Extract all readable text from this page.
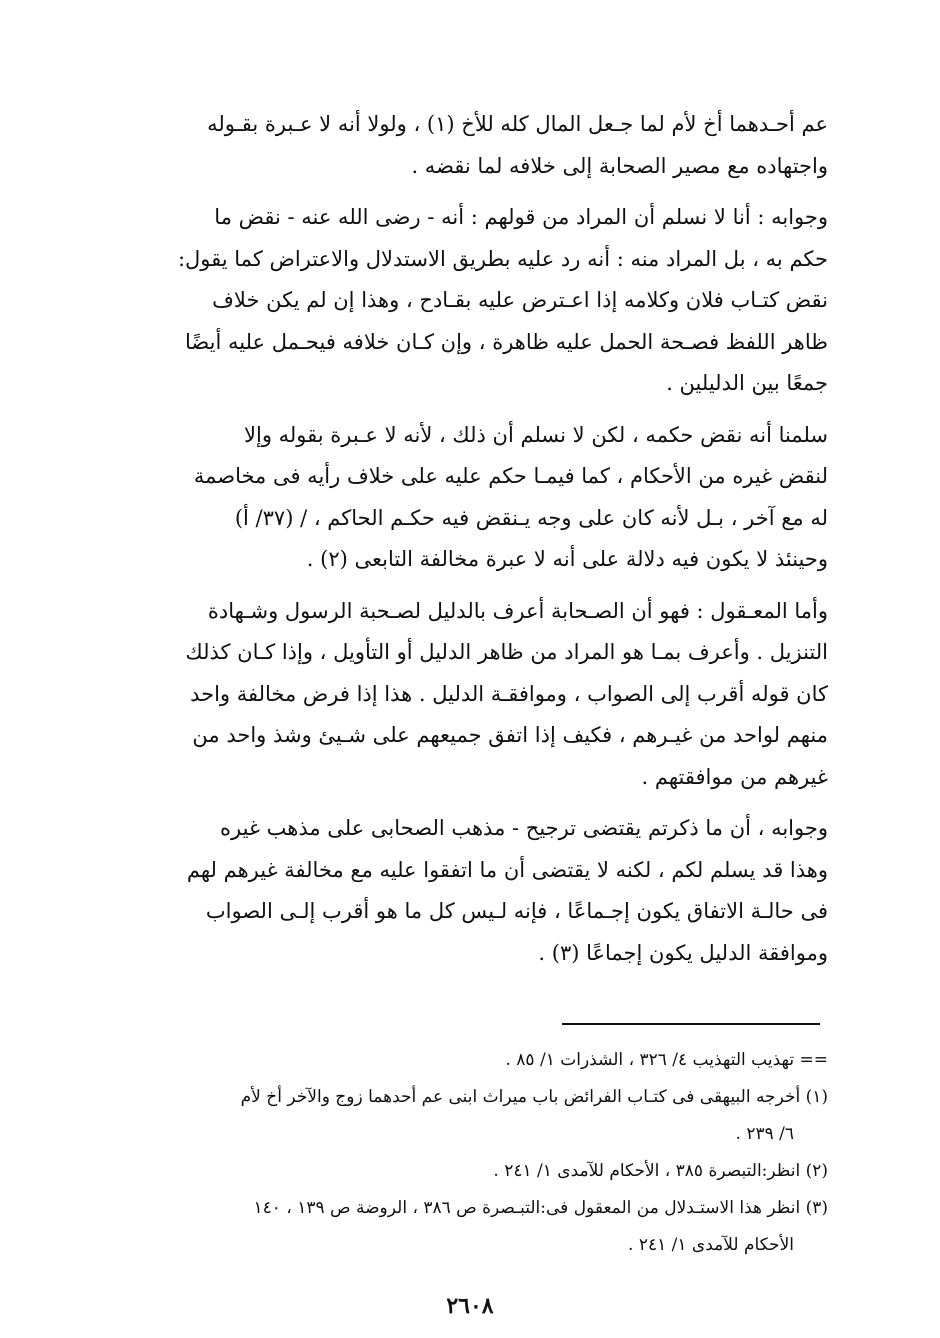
عم أحـدهما أخ لأم لما جـعل المال كله للأخ (١) ، ولولا أنه لا عـبرة بقـوله
واجتهاده مع مصير الصحابة إلى خلافه لما نقضه .
وجوابه : أنا لا نسلم أن المراد من قولهم : أنه - رضى الله عنه - نقض ما
حكم به ، بل المراد منه : أنه رد عليه بطريق الاستدلال والاعتراض كما يقول:
نقض كتـاب فلان وكلامه إذا اعـترض عليه بقـادح ، وهذا إن لم يكن خلاف
ظاهر اللفظ فصـحة الحمل عليه ظاهرة ، وإن كـان خلافه فيحـمل عليه أيضًا
جمعًا بين الدليلين .
سلمنا أنه نقض حكمه ، لكن لا نسلم أن ذلك ، لأنه لا عـبرة بقوله وإلا
لنقض غيره من الأحكام ، كما فيمـا حكم عليه على خلاف رأيه فى مخاصمة
له مع آخر ، بـل لأنه كان على وجه يـنقض فيه حكـم الحاكم ، / (٣٧/ أ)
وحينئذ لا يكون فيه دلالة على أنه لا عبرة مخالفة التابعى (٢) .
وأما المعـقول : فهو أن الصـحابة أعرف بالدليل لصـحبة الرسول وشـهادة
التنزيل . وأعرف بمـا هو المراد من ظاهر الدليل أو التأويل ، وإذا كـان كذلك
كان قوله أقرب إلى الصواب ، وموافقـة الدليل . هذا إذا فرض مخالفة واحد
منهم لواحد من غيـرهم ، فكيف إذا اتفق جميعهم على شـيئ وشذ واحد من
غيرهم من موافقتهم .
وجوابه ، أن ما ذكرتم يقتضى ترجيح - مذهب الصحابى على مذهب غيره
وهذا قد يسلم لكم ، لكنه لا يقتضى أن ما اتفقوا عليه مع مخالفة غيرهم لهم
فى حالـة الاتفاق يكون إجـماعًا ، فإنه لـيس كل ما هو أقرب إلـى الصواب
وموافقة الدليل يكون إجماعًا (٣) .

== تهذيب التهذيب ٤/ ٣٢٦ ، الشذرات ١/ ٨٥ .

(١) أخرجه البيهقى فى كتـاب الفرائض باب ميراث ابنى عم أحدهما زوج والآخر أخ لأم

٦/ ٢٣٩ .

(٢) انظر:التبصرة ٣٨٥ ، الأحكام للآمدى ١/ ٢٤١ .

(٣) انظر هذا الاستـدلال من المعقول فى:التبـصرة ص ٣٨٦ ، الروضة ص ١٣٩ ، ١٤٠

الأحكام للآمدى ١/ ٢٤١ .

٢٦٠٨
